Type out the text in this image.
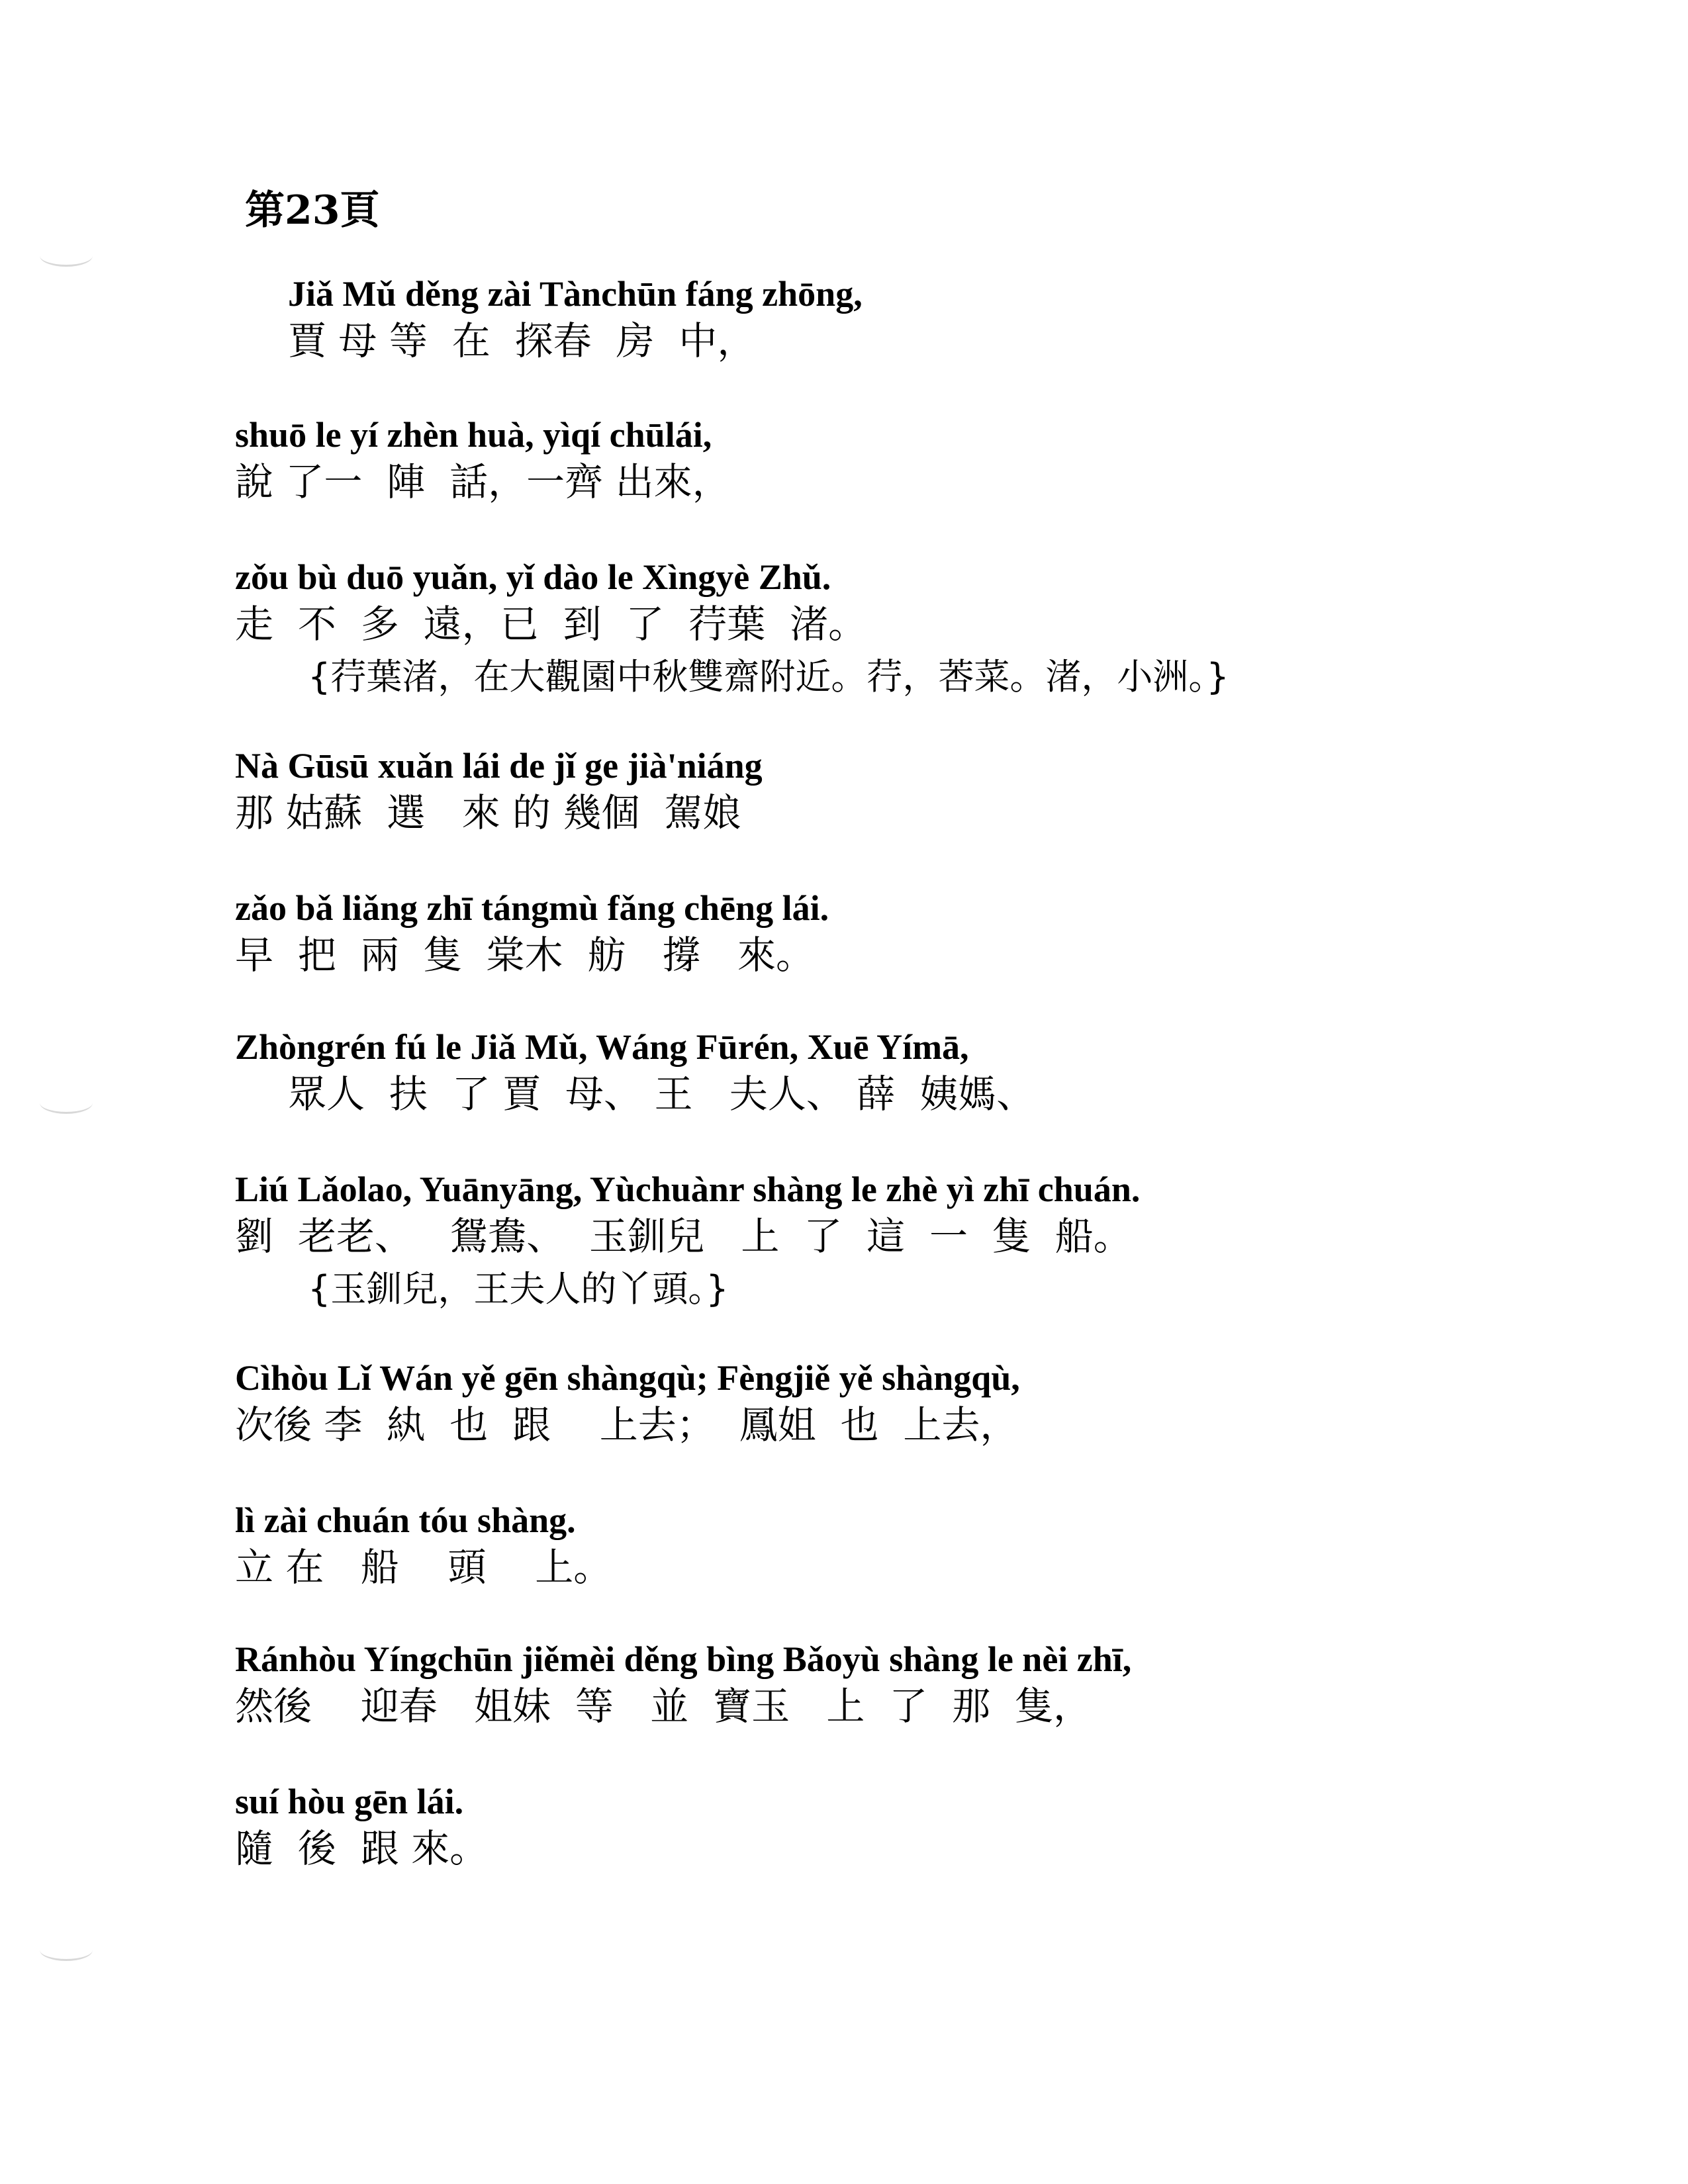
第23頁
Jiǎ Mǔ děng zài Tànchūn fáng zhōng,
賈 母 等  在  探春  房  中，
shuō le yí zhèn huà, yìqí chūlái,
說 了一  陣  話，一齊 出來，
zǒu bù duō yuǎn, yǐ dào le Xìngyè Zhǔ.
走  不  多  遠，已  到  了  荇葉  渚。
{荇葉渚，在大觀園中秋雙齋附近。荇，莕菜。渚，小洲。}
Nà Gūsū xuǎn lái de jǐ ge jià'niáng
那 姑蘇  選   來 的 幾個  駕娘
zǎo bǎ liǎng zhī tángmù fǎng chēng lái.
早  把  兩  隻  棠木  舫   撐   來。
Zhòngrén fú le Jiǎ Mǔ, Wáng Fūrén, Xuē Yímā,
眾人  扶  了 賈  母、 王   夫人、 薛  姨媽、
Liú Lǎolao, Yuānyāng, Yùchuànr shàng le zhè yì zhī chuán.
劉  老老、   鴛鴦、  玉釧兒   上  了  這  一  隻  船。
{玉釧兒，王夫人的丫頭。}
Cìhòu Lǐ Wán yě gēn shàngqù; Fèngjiě yě shàngqù,
次後 李  紈  也  跟    上去；  鳳姐  也  上去，
lì zài chuán tóu shàng.
立 在   船    頭    上。
Ránhòu Yíngchūn jiěmèi děng bìng Bǎoyù shàng le nèi zhī,
然後    迎春   姐妹  等   並  寶玉   上  了  那  隻，
suí hòu gēn lái.
隨  後  跟 來。
